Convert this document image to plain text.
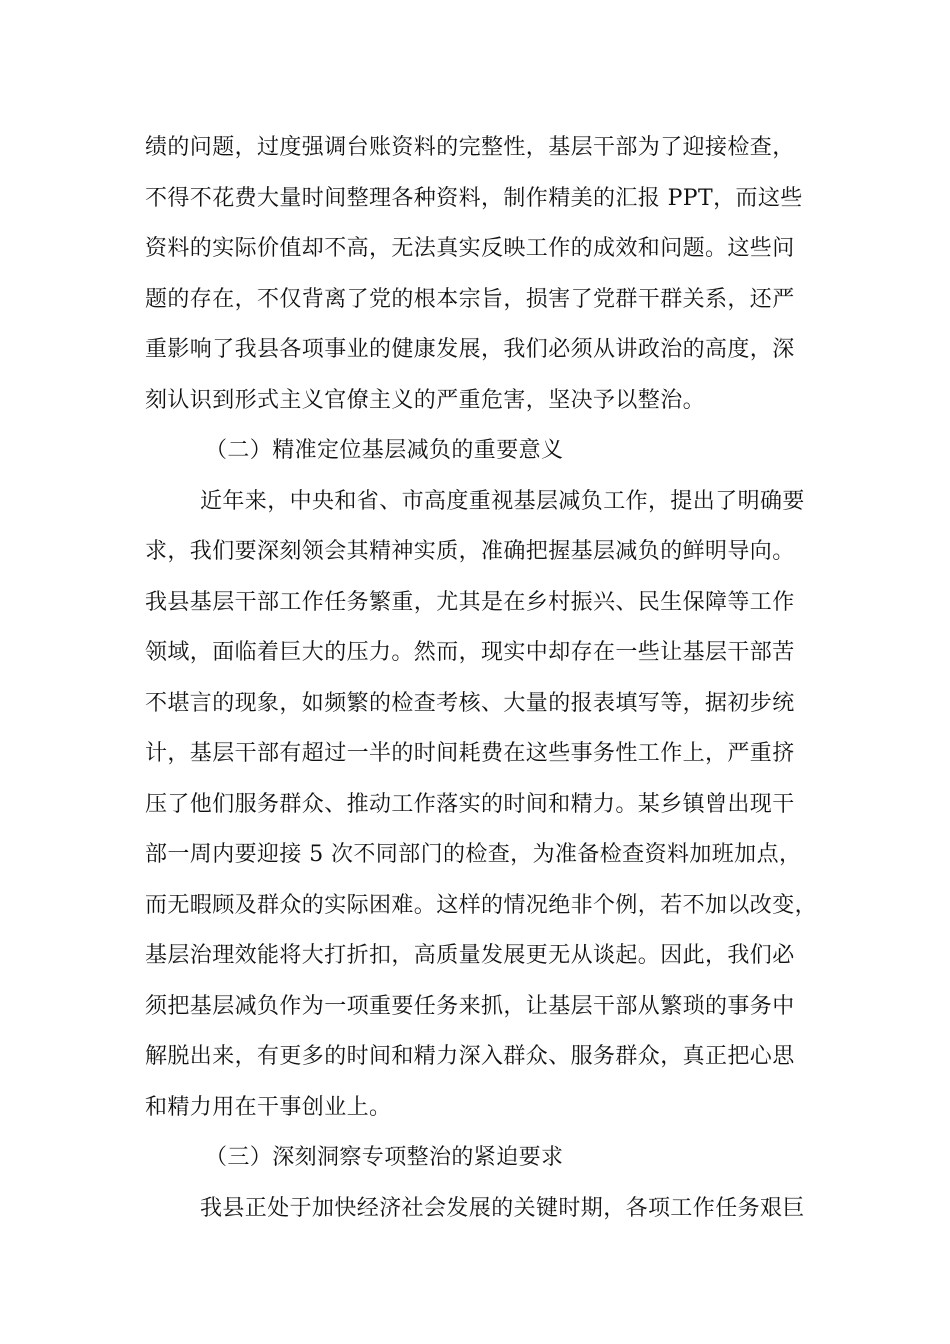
绩的问题，过度强调台账资料的完整性，基层干部为了迎接检查，
不得不花费大量时间整理各种资料，制作精美的汇报 PPT，而这些
资料的实际价值却不高，无法真实反映工作的成效和问题。这些问
题的存在，不仅背离了党的根本宗旨，损害了党群干群关系，还严
重影响了我县各项事业的健康发展，我们必须从讲政治的高度，深
刻认识到形式主义官僚主义的严重危害，坚决予以整治。
（二）精准定位基层减负的重要意义
近年来，中央和省、市高度重视基层减负工作，提出了明确要
求，我们要深刻领会其精神实质，准确把握基层减负的鲜明导向。
我县基层干部工作任务繁重，尤其是在乡村振兴、民生保障等工作
领域，面临着巨大的压力。然而，现实中却存在一些让基层干部苦
不堪言的现象，如频繁的检查考核、大量的报表填写等，据初步统
计，基层干部有超过一半的时间耗费在这些事务性工作上，严重挤
压了他们服务群众、推动工作落实的时间和精力。某乡镇曾出现干
部一周内要迎接 5 次不同部门的检查，为准备检查资料加班加点，
而无暇顾及群众的实际困难。这样的情况绝非个例，若不加以改变，
基层治理效能将大打折扣，高质量发展更无从谈起。因此，我们必
须把基层减负作为一项重要任务来抓，让基层干部从繁琐的事务中
解脱出来，有更多的时间和精力深入群众、服务群众，真正把心思
和精力用在干事创业上。
（三）深刻洞察专项整治的紧迫要求
我县正处于加快经济社会发展的关键时期，各项工作任务艰巨
